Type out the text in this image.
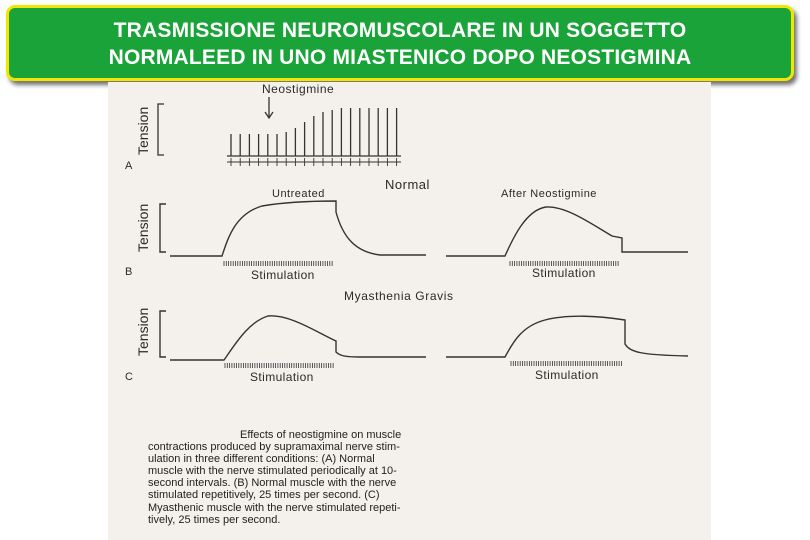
TRASMISSIONE NEUROMUSCOLARE IN UN SOGGETTO
NORMALEED IN UNO MIASTENICO DOPO NEOSTIGMINA
Tension
A
Neostigmine
Normal
Tension
B
Untreated	After Neostigmine
Stimulation	Stimulation
Myasthenia Gravis
Tension
C	Stimulation	Stimulation
Effects of neostigmine on muscle
contractions produced by supramaximal nerve stim-
ulation in three different conditions: (A) Normal
muscle with the nerve stimulated periodically at 10-
second intervals. (B) Normal muscle with the nerve
stimulated repetitively, 25 times per second. (C)
Myasthenic muscle with the nerve stimulated repeti-
tively, 25 times per second.
